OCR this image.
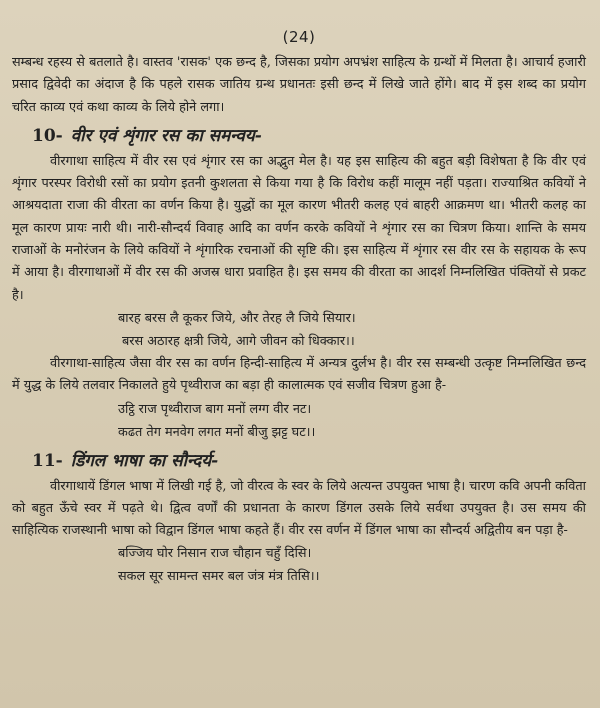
(24)

सम्बन्ध रहस्य से बतलाते है। वास्तव 'रासक' एक छन्द है, जिसका प्रयोग अपभ्रंश साहित्य के ग्रन्थों में मिलता है। आचार्य हजारी प्रसाद द्विवेदी का अंदाज है कि पहले रासक जातिय ग्रन्थ प्रधानतः इसी छन्द में लिखे जाते होंगे। बाद में इस शब्द का प्रयोग चरित काव्य एवं कथा काव्य के लिये होने लगा।

10- वीर एवं शृंगार रस का समन्वय-

वीरगाथा साहित्य में वीर रस एवं शृंगार रस का अद्भुत मेल है। यह इस साहित्य की बहुत बड़ी विशेषता है कि वीर एवं शृंगार परस्पर विरोधी रसों का प्रयोग इतनी कुशलता से किया गया है कि विरोध कहीं मालूम नहीं पड़ता। राज्याश्रित कवियों ने आश्रयदाता राजा की वीरता का वर्णन किया है। युद्धों का मूल कारण भीतरी कलह एवं बाहरी आक्रमण था। भीतरी कलह का मूल कारण प्रायः नारी थी। नारी-सौन्दर्य विवाह आदि का वर्णन करके कवियों ने शृंगार रस का चित्रण किया। शान्ति के समय राजाओं के मनोरंजन के लिये कवियों ने शृंगारिक रचनाओं की सृष्टि की। इस साहित्य में शृंगार रस वीर रस के सहायक के रूप में आया है। वीरगाथाओं में वीर रस की अजस्र धारा प्रवाहित है। इस समय की वीरता का आदर्श निम्नलिखित पंक्तियों से प्रकट है।

बारह बरस लै कूकर जिये, और तेरह लै जिये सियार।
बरस अठारह क्षत्री जिये, आगे जीवन को धिक्कार।।

वीरगाथा-साहित्य जैसा वीर रस का वर्णन हिन्दी-साहित्य में अन्यत्र दुर्लभ है। वीर रस सम्बन्धी उत्कृष्ट निम्नलिखित छन्द में युद्ध के लिये तलवार निकालते हुये पृथ्वीराज का बड़ा ही कालात्मक एवं सजीव चित्रण हुआ है-

उट्ठि राज पृथ्वीराज बाग मनों लग्ग वीर नट।
कढत तेग मनवेग लगत मनों बीजु झट्ट घट।।
11- डिंगल भाषा का सौन्दर्य-

वीरगाथायें डिंगल भाषा में लिखी गई है, जो वीरत्व के स्वर के लिये अत्यन्त उपयुक्त भाषा है। चारण कवि अपनी कविता को बहुत ऊँचे स्वर में पढ़ते थे। द्वित्व वर्णों की प्रधानता के कारण डिंगल उसके लिये सर्वथा उपयुक्त है। उस समय की साहित्यिक राजस्थानी भाषा को विद्वान डिंगल भाषा कहते हैं। वीर रस वर्णन में डिंगल भाषा का सौन्दर्य अद्वितीय बन पड़ा है-

बज्जिय घोर निसान राज चौहान चहुँ दिसि।
सकल सूर सामन्त समर बल जंत्र मंत्र तिसि।।
